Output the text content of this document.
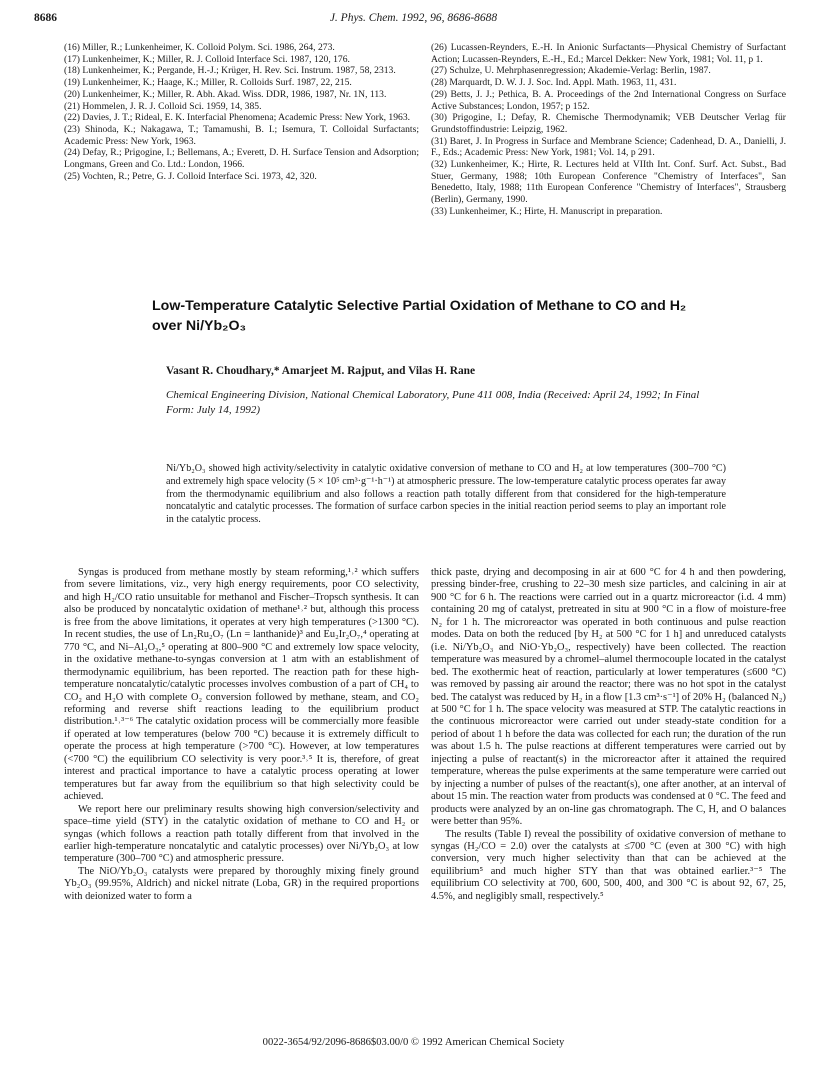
8686	J. Phys. Chem. 1992, 96, 8686-8688

(16) Miller, R.; Lunkenheimer, K. Colloid Polym. Sci. 1986, 264, 273.

(17) Lunkenheimer, K.; Miller, R. J. Colloid Interface Sci. 1987, 120, 176.

(18) Lunkenheimer, K.; Pergande, H.-J.; Krüger, H. Rev. Sci. Instrum. 1987, 58, 2313.

(19) Lunkenheimer, K.; Haage, K.; Miller, R. Colloids Surf. 1987, 22, 215.

(20) Lunkenheimer, K.; Miller, R. Abh. Akad. Wiss. DDR, 1986, 1987, Nr. 1N, 113.

(21) Hommelen, J. R. J. Colloid Sci. 1959, 14, 385.

(22) Davies, J. T.; Rideal, E. K. Interfacial Phenomena; Academic Press: New York, 1963.

(23) Shinoda, K.; Nakagawa, T.; Tamamushi, B. I.; Isemura, T. Colloidal Surfactants; Academic Press: New York, 1963.

(24) Defay, R.; Prigogine, I.; Bellemans, A.; Everett, D. H. Surface Tension and Adsorption; Longmans, Green and Co. Ltd.: London, 1966.

(25) Vochten, R.; Petre, G. J. Colloid Interface Sci. 1973, 42, 320.

(26) Lucassen-Reynders, E.-H. In Anionic Surfactants—Physical Chemistry of Surfactant Action; Lucassen-Reynders, E.-H., Ed.; Marcel Dekker: New York, 1981; Vol. 11, p 1.

(27) Schulze, U. Mehrphasenregression; Akademie-Verlag: Berlin, 1987.

(28) Marquardt, D. W. J. J. Soc. Ind. Appl. Math. 1963, 11, 431.

(29) Betts, J. J.; Pethica, B. A. Proceedings of the 2nd International Congress on Surface Active Substances; London, 1957; p 152.

(30) Prigogine, I.; Defay, R. Chemische Thermodynamik; VEB Deutscher Verlag für Grundstoffindustrie: Leipzig, 1962.

(31) Baret, J. In Progress in Surface and Membrane Science; Cadenhead, D. A., Danielli, J. F., Eds.; Academic Press: New York, 1981; Vol. 14, p 291.

(32) Lunkenheimer, K.; Hirte, R. Lectures held at VIIth Int. Conf. Surf. Act. Subst., Bad Stuer, Germany, 1988; 10th European Conference "Chemistry of Interfaces", San Benedetto, Italy, 1988; 11th European Conference "Chemistry of Interfaces", Strausberg (Berlin), Germany, 1990.

(33) Lunkenheimer, K.; Hirte, H. Manuscript in preparation.

Low-Temperature Catalytic Selective Partial Oxidation of Methane to CO and H₂ over Ni/Yb₂O₃
Vasant R. Choudhary,* Amarjeet M. Rajput, and Vilas H. Rane
Chemical Engineering Division, National Chemical Laboratory, Pune 411 008, India (Received: April 24, 1992; In Final Form: July 14, 1992)
Ni/Yb₂O₃ showed high activity/selectivity in catalytic oxidative conversion of methane to CO and H₂ at low temperatures (300–700 °C) and extremely high space velocity (5 × 10⁵ cm³·g⁻¹·h⁻¹) at atmospheric pressure. The low-temperature catalytic process operates far away from the thermodynamic equilibrium and also follows a reaction path totally different from that considered for the high-temperature noncatalytic and catalytic processes. The formation of surface carbon species in the initial reaction period seems to play an important role in the catalytic process.

Syngas is produced from methane mostly by steam reforming,¹˒² which suffers from severe limitations, viz., very high energy requirements, poor CO selectivity, and high H₂/CO ratio unsuitable for methanol and Fischer–Tropsch synthesis. It can also be produced by noncatalytic oxidation of methane¹˒² but, although this process is free from the above limitations, it operates at very high temperatures (>1300 °C). In recent studies, the use of Ln₂Ru₂O₇ (Ln = lanthanide)³ and Eu₂Ir₂O₇,⁴ operating at 770 °C, and Ni–Al₂O₃,⁵ operating at 800–900 °C and extremely low space velocity, in the oxidative methane-to-syngas conversion at 1 atm with an establishment of thermodynamic equilibrium, has been reported. The reaction path for these high-temperature noncatalytic/catalytic processes involves combustion of a part of CH₄ to CO₂ and H₂O with complete O₂ conversion followed by methane, steam, and CO₂ reforming and reverse shift reactions leading to the equilibrium product distribution.¹˒³⁻⁶ The catalytic oxidation process will be commercially more feasible if operated at low temperatures (below 700 °C) because it is extremely difficult to operate the process at high temperature (>700 °C). However, at low temperatures (<700 °C) the equilibrium CO selectivity is very poor.³˒⁵ It is, therefore, of great interest and practical importance to have a catalytic process operating at lower temperatures but far away from the equilibrium so that high selectivity could be achieved.

We report here our preliminary results showing high conversion/selectivity and space–time yield (STY) in the catalytic oxidation of methane to CO and H₂ or syngas (which follows a reaction path totally different from that involved in the earlier high-temperature noncatalytic and catalytic processes) over Ni/Yb₂O₃ at low temperature (300–700 °C) and atmospheric pressure.

The NiO/Yb₂O₃ catalysts were prepared by thoroughly mixing finely ground Yb₂O₃ (99.95%, Aldrich) and nickel nitrate (Loba, GR) in the required proportions with deionized water to form a

thick paste, drying and decomposing in air at 600 °C for 4 h and then powdering, pressing binder-free, crushing to 22–30 mesh size particles, and calcining in air at 900 °C for 6 h. The reactions were carried out in a quartz microreactor (i.d. 4 mm) containing 20 mg of catalyst, pretreated in situ at 900 °C in a flow of moisture-free N₂ for 1 h. The microreactor was operated in both continuous and pulse reaction modes. Data on both the reduced [by H₂ at 500 °C for 1 h] and unreduced catalysts (i.e. Ni/Yb₂O₃ and NiO·Yb₂O₃, respectively) have been collected. The reaction temperature was measured by a chromel–alumel thermocouple located in the catalyst bed. The exothermic heat of reaction, particularly at lower temperatures (≤600 °C) was removed by passing air around the reactor; there was no hot spot in the catalyst bed. The catalyst was reduced by H₂ in a flow [1.3 cm³·s⁻¹] of 20% H₂ (balanced N₂) at 500 °C for 1 h. The space velocity was measured at STP. The catalytic reactions in the continuous microreactor were carried out under steady-state condition for a period of about 1 h before the data was collected for each run; the duration of the run was about 1.5 h. The pulse reactions at different temperatures were carried out by injecting a pulse of reactant(s) in the microreactor after it attained the required temperature, whereas the pulse experiments at the same temperature were carried out by injecting a number of pulses of the reactant(s), one after another, at an interval of about 15 min. The reaction water from products was condensed at 0 °C. The feed and products were analyzed by an on-line gas chromatograph. The C, H, and O balances were better than 95%.

The results (Table I) reveal the possibility of oxidative conversion of methane to syngas (H₂/CO = 2.0) over the catalysts at ≤700 °C (even at 300 °C) with high conversion, very much higher selectivity than that can be achieved at the equilibrium⁵ and much higher STY than that was obtained earlier.³⁻⁵ The equilibrium CO selectivity at 700, 600, 500, 400, and 300 °C is about 92, 67, 25, 4.5%, and negligibly small, respectively.⁵

0022-3654/92/2096-8686$03.00/0 © 1992 American Chemical Society
